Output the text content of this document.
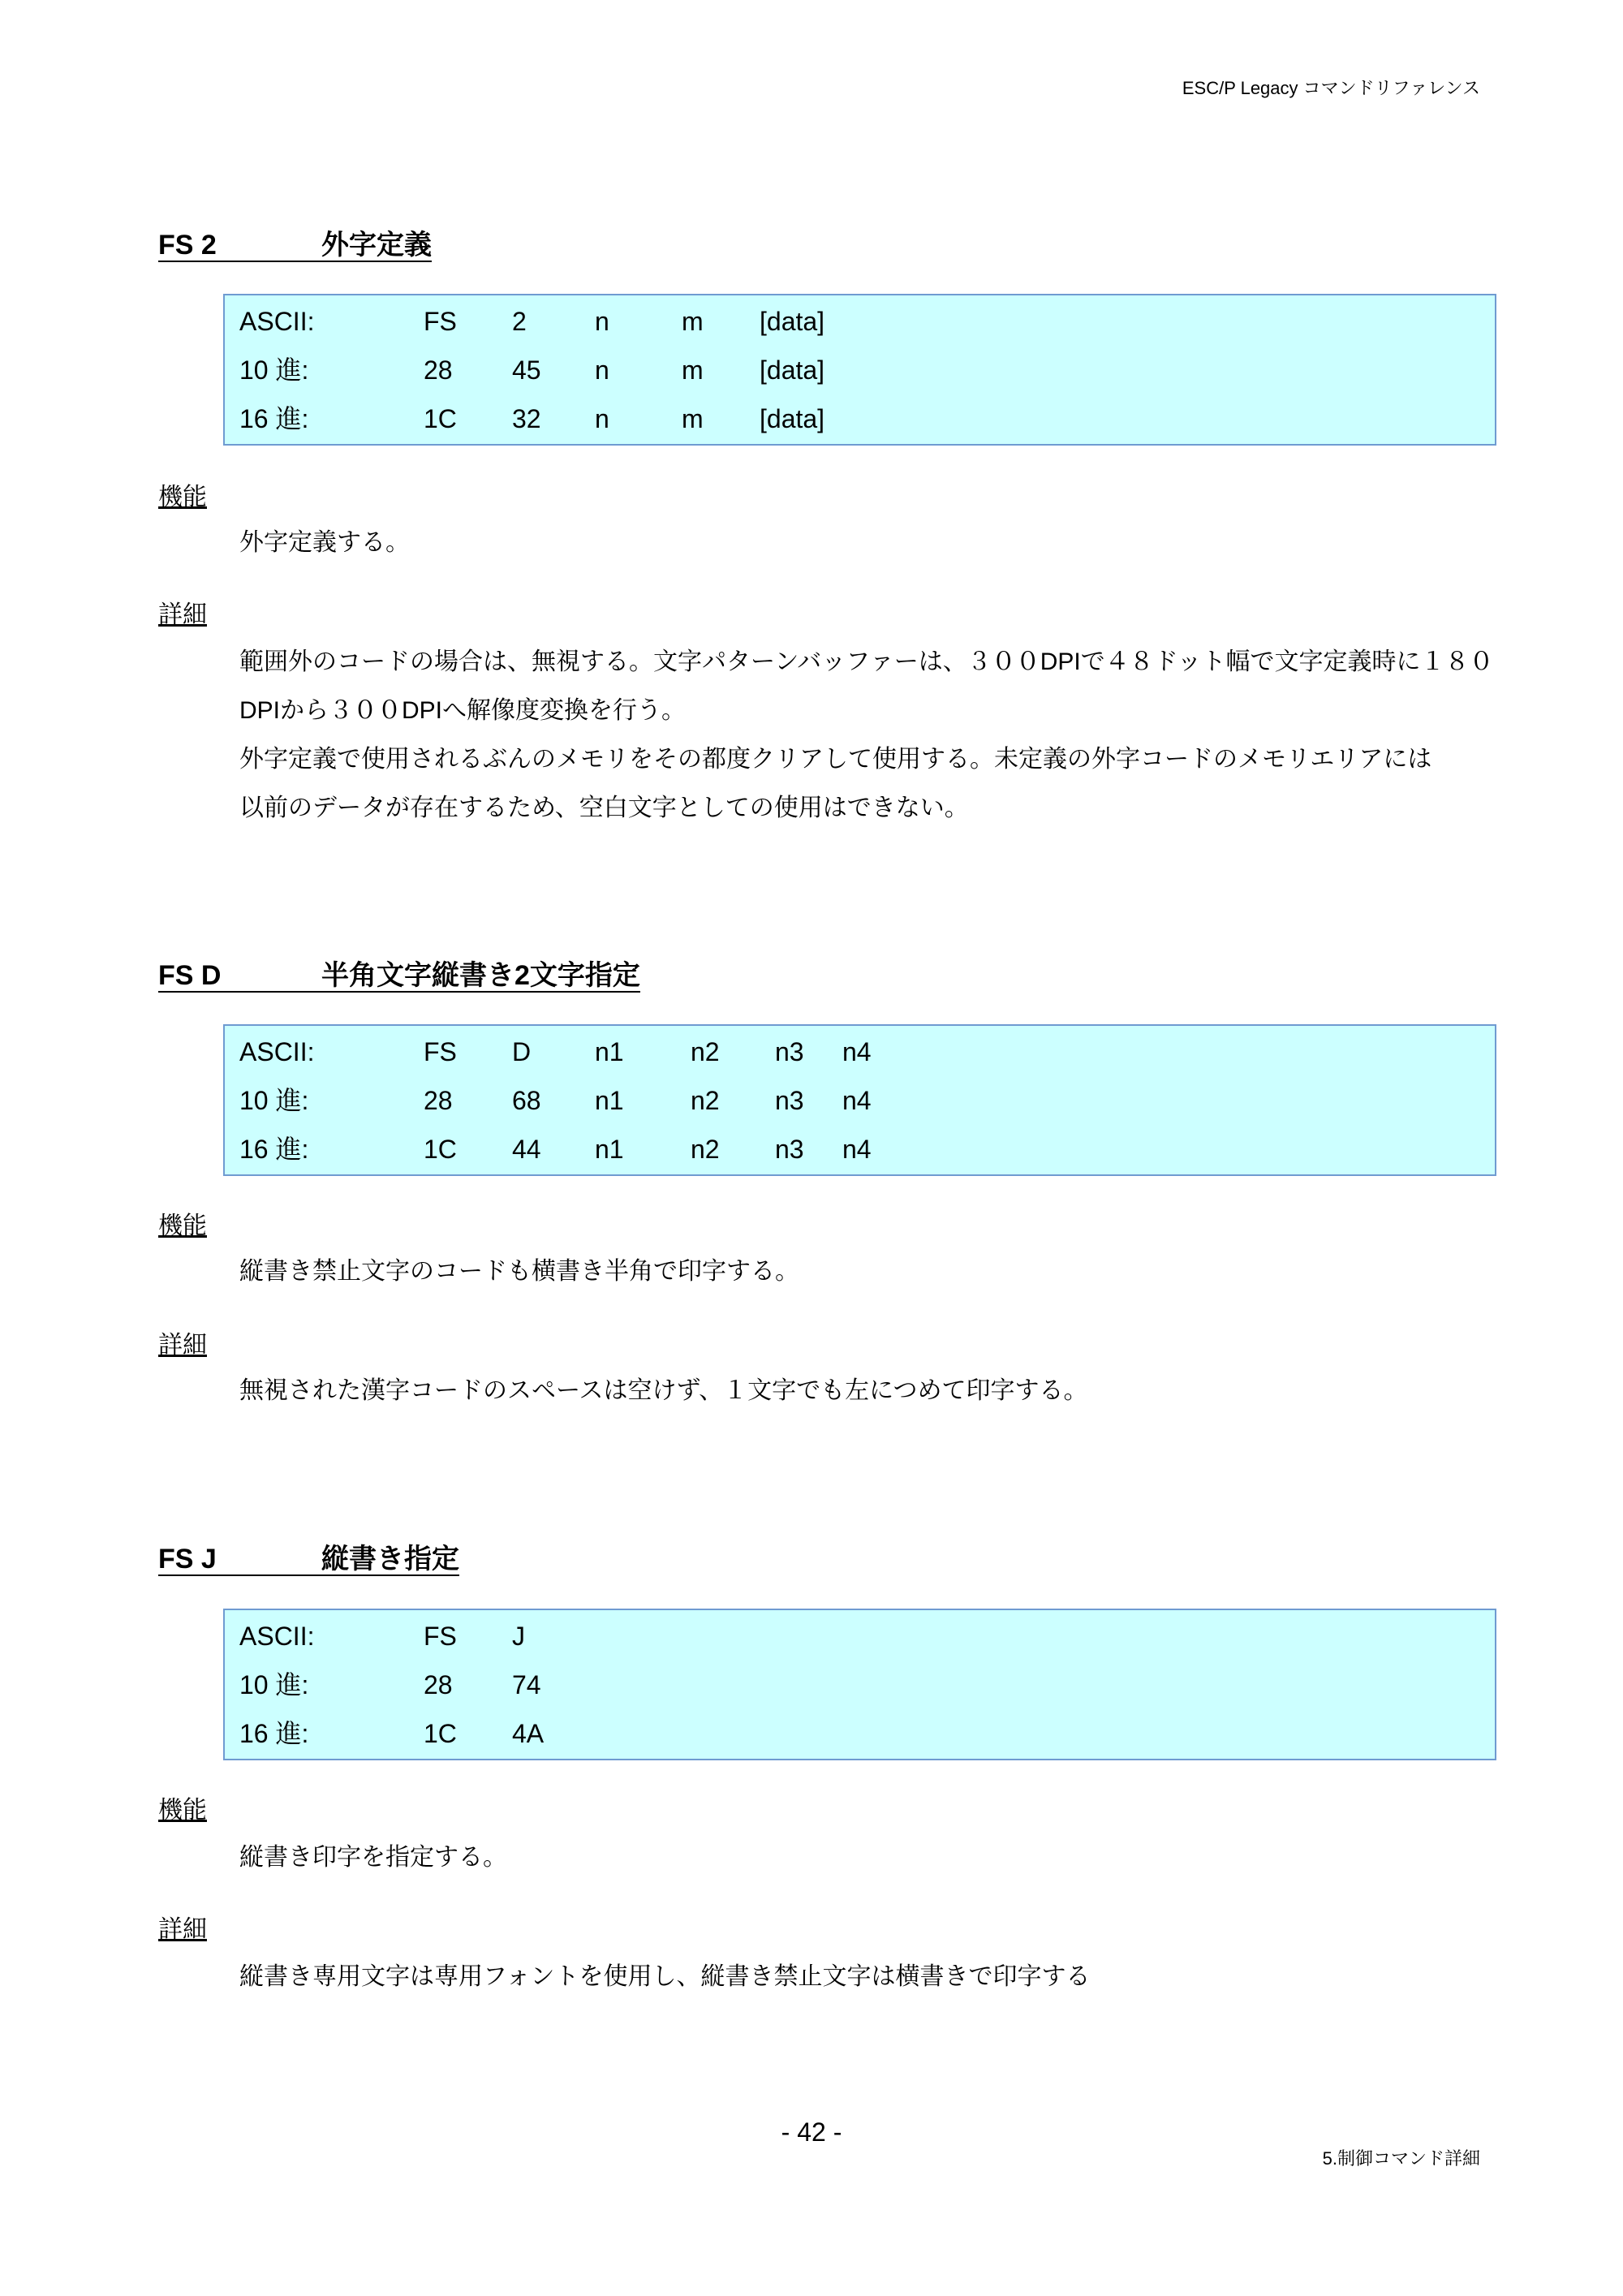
ESC/P Legacy コマンドリファレンス
FS 2	外字定義
ASCII:	FS 2	n	m [data]
10 進:	28 45 n	m [data]
16 進:	1C 32 n	m [data]
機能
外字定義する。
詳細
範囲外のコードの場合は、無視する。文字パターンバッファーは、３００DPIで４８ドット幅で文字定義時に１８０
DPIから３００DPIへ解像度変換を行う。
外字定義で使用されるぶんのメモリをその都度クリアして使用する。未定義の外字コードのメモリエリアには
以前のデータが存在するため、空白文字としての使用はできない。
FS D	半角文字縦書き2文字指定
ASCII:	FS D n1	n2 n3 n4
10 進:	28 68 n1	n2 n3 n4
16 進:	1C 44 n1	n2 n3 n4
機能
縦書き禁止文字のコードも横書き半角で印字する。
詳細
無視された漢字コードのスペースは空けず、１文字でも左につめて印字する。
FS J	縦書き指定
ASCII:	FS J
10 進:	28 74
16 進:	1C 4A
機能
縦書き印字を指定する。
詳細
縦書き専用文字は専用フォントを使用し、縦書き禁止文字は横書きで印字する
- 42 -
5.制御コマンド詳細
